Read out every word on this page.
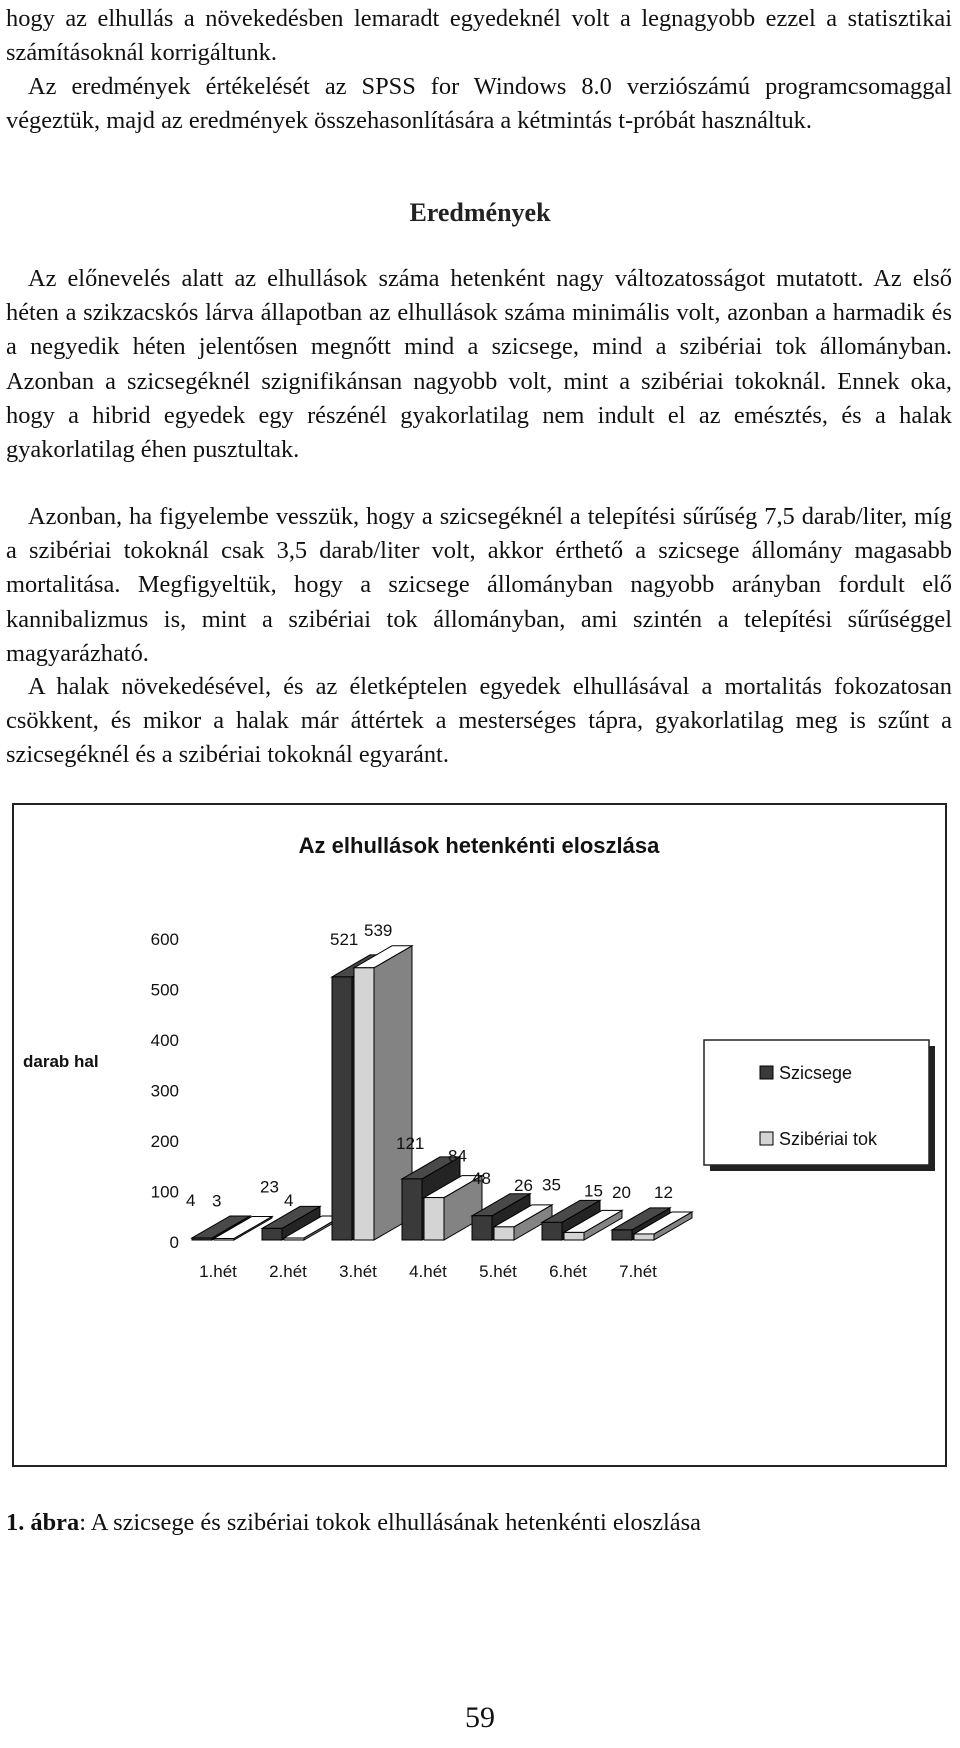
hogy az elhullás a növekedésben lemaradt egyedeknél volt a legnagyobb ezzel a statisztikai számításoknál korrigáltunk.

Az eredmények értékelését az SPSS for Windows 8.0 verziószámú programcsomaggal végeztük, majd az eredmények összehasonlítására a kétmintás t-próbát használtuk.

Eredmények

Az előnevelés alatt az elhullások száma hetenként nagy változatosságot mutatott. Az első héten a szikzacskós lárva állapotban az elhullások száma minimális volt, azonban a harmadik és a negyedik héten jelentősen megnőtt mind a szicsege, mind a szibériai tok állományban. Azonban a szicsegéknél szignifikánsan nagyobb volt, mint a szibériai tokoknál. Ennek oka, hogy a hibrid egyedek egy részénél gyakorlatilag nem indult el az emésztés, és a halak gyakorlatilag éhen pusztultak.

Azonban, ha figyelembe vesszük, hogy a szicsegéknél a telepítési sűrűség 7,5 darab/liter, míg a szibériai tokoknál csak 3,5 darab/liter volt, akkor érthető a szicsege állomány magasabb mortalitása. Megfigyeltük, hogy a szicsege állományban nagyobb arányban fordult elő kannibalizmus is, mint a szibériai tok állományban, ami szintén a telepítési sűrűséggel magyarázható.

A halak növekedésével, és az életképtelen egyedek elhullásával a mortalitás fokozatosan csökkent, és mikor a halak már áttértek a mesterséges tápra, gyakorlatilag meg is szűnt a szicsegéknél és a szibériai tokoknál egyaránt.

Az elhullások hetenkénti eloszlása
0
100
200
300
400
500
600
darab hal
4 3
23
4
521 539
121
84
48 26 35 15 20 12
1.hét 2.hét 3.hét 4.hét 5.hét 6.hét 7.hét
Szicsege
Szibériai tok
1. ábra: A szicsege és szibériai tokok elhullásának hetenkénti eloszlása
59
